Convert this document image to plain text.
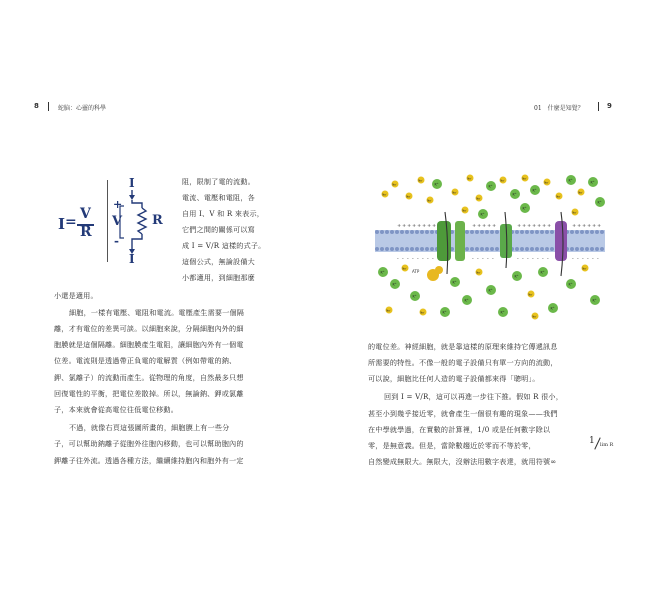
8	蛇脑：心靈的科學	01　什麼是知覺？	9
I = V
R
I
+
V R
-
I
阻，限制了電的流動。
電流、電壓和電阻，各
自用 I、V 和 R 來表示，
它們之間的關係可以寫
成 I = V/R 這樣的式子。
這個公式，無論設備大
小都適用，到細胞那麼
小還是適用。
細胞，一樣有電壓、電阻和電流。電壓產生需要一個隔
離，才有電位的差異可談。以細胞來說，分隔細胞內外的細
胞膜就是這個隔離。細胞膜產生電阻，讓細胞內外有一個電
位差。電流則是透過帶正負電的電解質（例如帶電的鈉、
鉀、氯離子）的流動而產生。從物理的角度，自然最多只想
回復電性的平衡，把電位差散掉。所以，無論鈉、鉀或氯離
子，本來就會從高電位往低電位移動。
不過，就像右頁這張圖所畫的，細胞膜上有一些分
子，可以幫助鈉離子從胞外往胞內移動，也可以幫助胞內的
鉀離子往外流。透過各種方法，繼續維持胞內和胞外有一定
+
-
+
-
+
-
+
-
+
-
+
-
+
-
+
-
+
-
+
-
+
-
+
-
+
-
+
-
+
-
+
-
+
-
+
-
+
-
+
-
+
-
+
-
+
-
+
-
+
-
+
-
Na⁺
Na⁺
Na⁺
Na⁺
Na⁺
K⁺
Na⁺
Na⁺
Na⁺
K⁺
Na⁺
K⁺
Na⁺
K⁺
Na⁺
Na⁺
K⁺
Na⁺
K⁺
K⁺
Na⁺
K⁺
K⁺
Na⁺
K⁺
K⁺
Na⁺
K⁺
Na⁺
K⁺
K⁺
Na⁺
K⁺
K⁺
K⁺
Na⁺
K⁺
K⁺
K⁺
Na⁺
K⁺
K⁺
Na⁺
Na⁺
ATP
的電位差。神經細胞，就是靠這樣的原理來維持它傳遞訊息
所需要的特性。不像一般的電子設備只有單一方向的流動，
可以說，細胞比任何人造的電子設備都來得「聰明」。
回到 I = V/R，這可以再進一步往下推。假如 R 很小，
甚至小到幾乎接近零，就會產生一個很有趣的現象——我們
在中學就學過，在實數的計算裡，1/0 或是任何數字除以
零，是無意義。但是，當除數趨近於零而不等於零，
自然變成無限大。無限大，沒辦法用數字表達，就用符號∞
1 lim R
